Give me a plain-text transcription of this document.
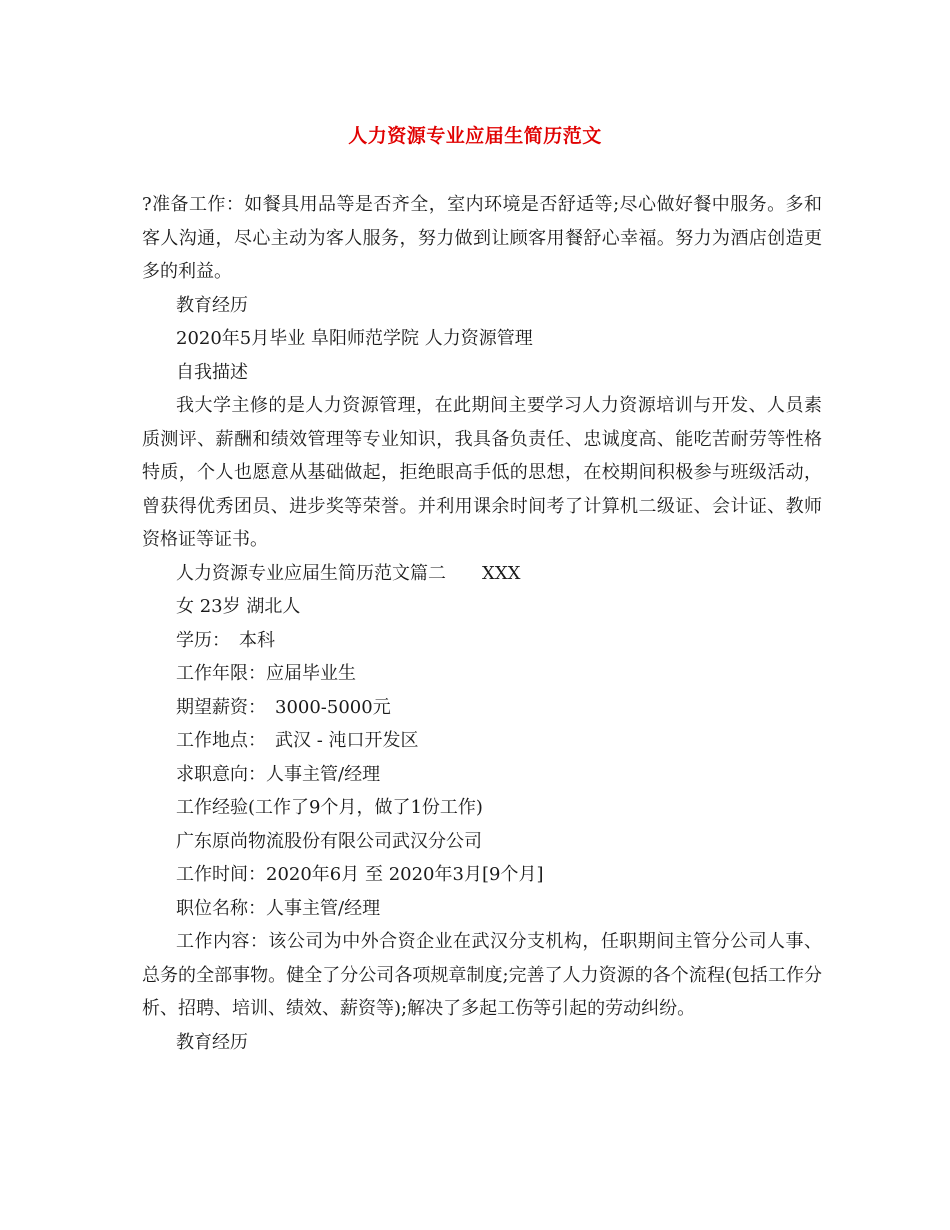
人力资源专业应届生简历范文

?准备工作：如餐具用品等是否齐全，室内环境是否舒适等;尽心做好餐中服务。多和客人沟通，尽心主动为客人服务，努力做到让顾客用餐舒心幸福。努力为酒店创造更多的利益。

教育经历

2020年5月毕业 阜阳师范学院 人力资源管理

自我描述

我大学主修的是人力资源管理，在此期间主要学习人力资源培训与开发、人员素质测评、薪酬和绩效管理等专业知识，我具备负责任、忠诚度高、能吃苦耐劳等性格特质，个人也愿意从基础做起，拒绝眼高手低的思想，在校期间积极参与班级活动，曾获得优秀团员、进步奖等荣誉。并利用课余时间考了计算机二级证、会计证、教师资格证等证书。

人力资源专业应届生简历范文篇二　　XXX

女 23岁 湖北人

学历：　本科

工作年限：应届毕业生

期望薪资：　3000-5000元

工作地点：　武汉 - 沌口开发区

求职意向：人事主管/经理

工作经验(工作了9个月，做了1份工作)

广东原尚物流股份有限公司武汉分公司

工作时间：2020年6月 至 2020年3月[9个月]

职位名称：人事主管/经理

工作内容：该公司为中外合资企业在武汉分支机构，任职期间主管分公司人事、总务的全部事物。健全了分公司各项规章制度;完善了人力资源的各个流程(包括工作分析、招聘、培训、绩效、薪资等);解决了多起工伤等引起的劳动纠纷。

教育经历
